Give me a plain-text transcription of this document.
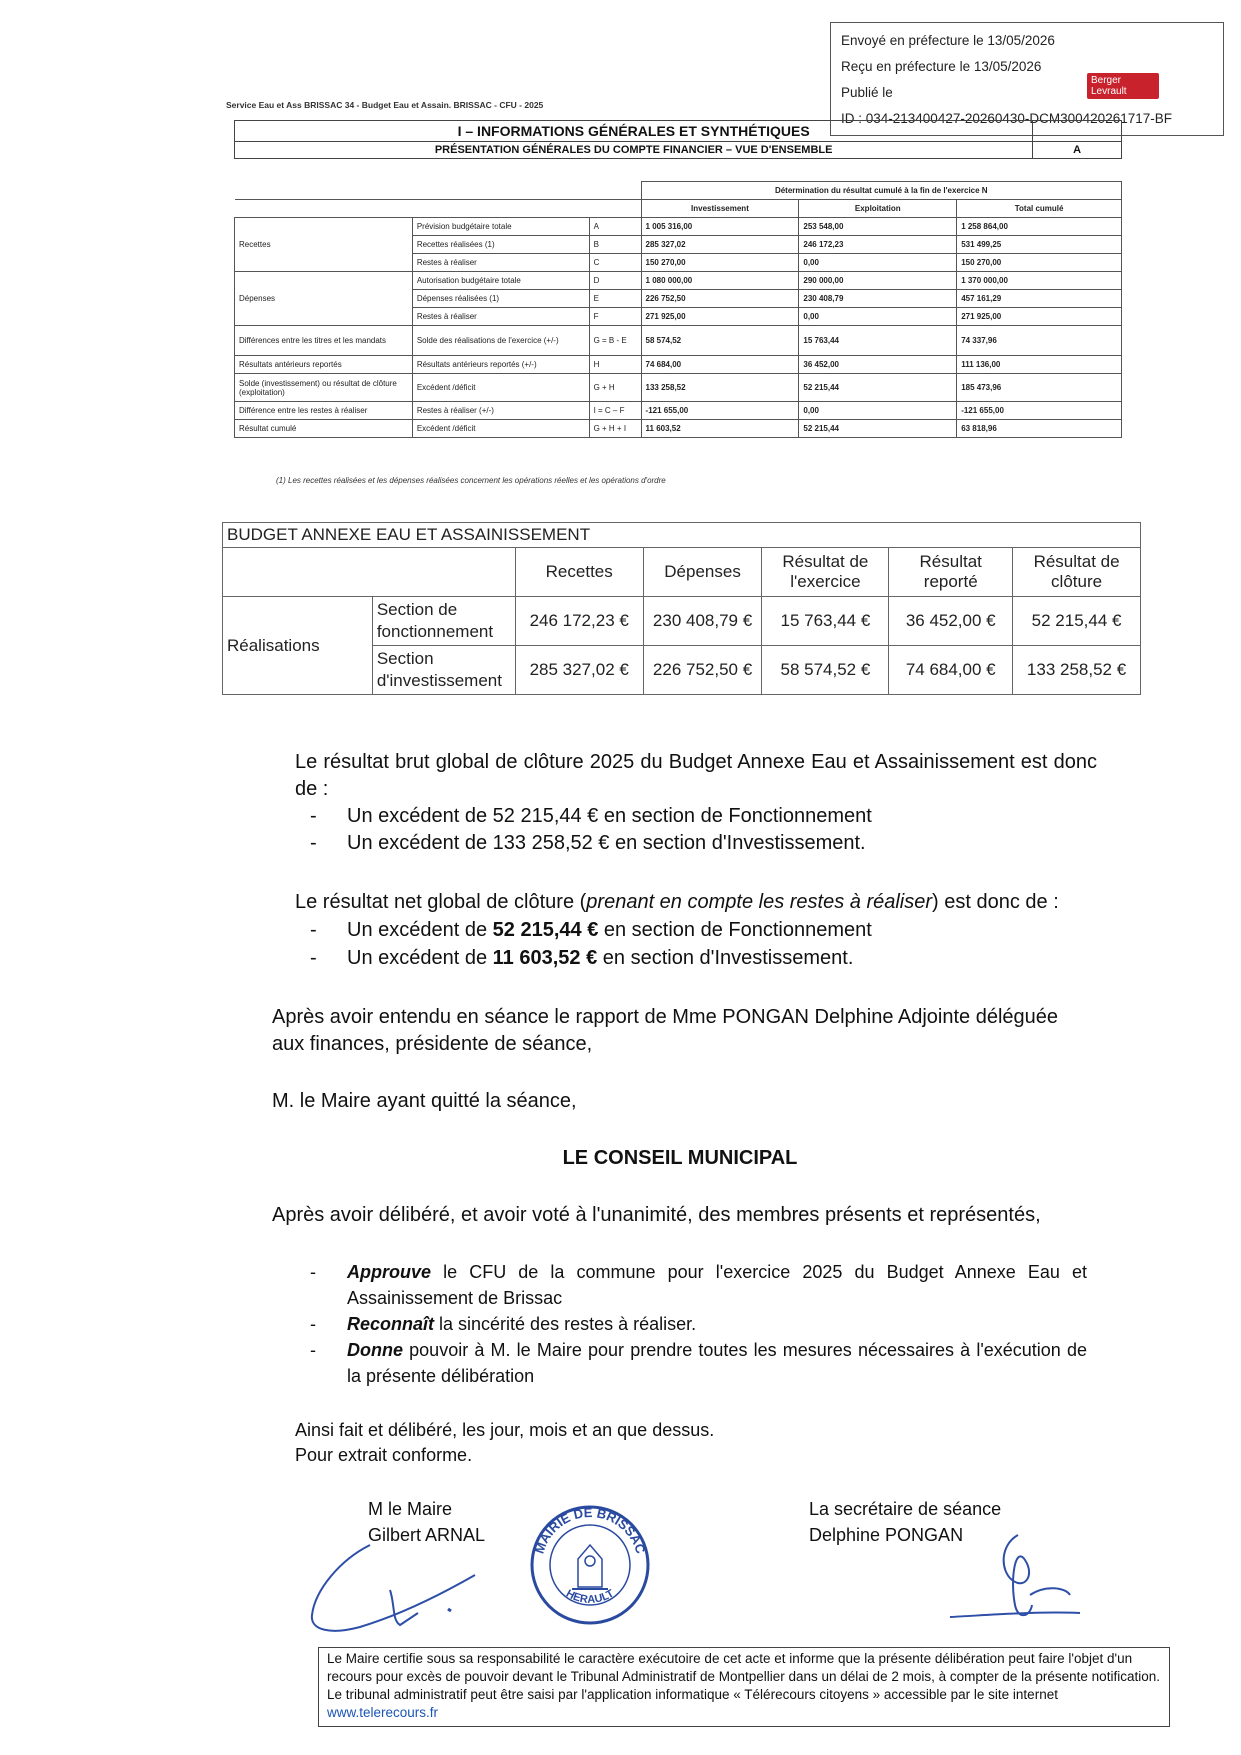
Envoyé en préfecture le 13/05/2026
Reçu en préfecture le 13/05/2026
Publié le
ID : 034-213400427-20260430-DCM300420261717-BF
Berger
Levrault
Service Eau et Ass BRISSAC 34 - Budget Eau et Assain. BRISSAC - CFU - 2025
I – INFORMATIONS GÉNÉRALES ET SYNTHÉTIQUES	
PRÉSENTATION GÉNÉRALES DU COMPTE FINANCIER – VUE D'ENSEMBLE	A
			Détermination du résultat cumulé à la fin de l'exercice N		
			Investissement	Exploitation	Total cumulé
Recettes	Prévision budgétaire totale	A	1 005 316,00	253 548,00	1 258 864,00
	Recettes réalisées (1)	B	285 327,02	246 172,23	531 499,25
	Restes à réaliser	C	150 270,00	0,00	150 270,00
Dépenses	Autorisation budgétaire totale	D	1 080 000,00	290 000,00	1 370 000,00
	Dépenses réalisées (1)	E	226 752,50	230 408,79	457 161,29
	Restes à réaliser	F	271 925,00	0,00	271 925,00
Différences entre les titres et les mandats	Solde des réalisations de l'exercice (+/-)	G = B - E	58 574,52	15 763,44	74 337,96
Résultats antérieurs reportés	Résultats antérieurs reportés (+/-)	H	74 684,00	36 452,00	111 136,00
Solde (investissement) ou résultat de clôture (exploitation)	Excédent /déficit	G + H	133 258,52	52 215,44	185 473,96
Différence entre les restes à réaliser	Restes à réaliser (+/-)	I = C – F	-121 655,00	0,00	-121 655,00
Résultat cumulé	Excédent /déficit	G + H + I	11 603,52	52 215,44	63 818,96
(1) Les recettes réalisées et les dépenses réalisées concernent les opérations réelles et les opérations d'ordre
BUDGET ANNEXE EAU ET ASSAINISSEMENT						
		Recettes	Dépenses	Résultat de l'exercice	Résultat reporté	Résultat de clôture
Réalisations	Section de fonctionnement	246 172,23 €	230 408,79 €	15 763,44 €	36 452,00 €	52 215,44 €
	Section d'investissement	285 327,02 €	226 752,50 €	58 574,52 €	74 684,00 €	133 258,52 €
Le résultat brut global de clôture 2025 du Budget Annexe Eau et Assainissement est donc de :
- Un excédent de 52 215,44 € en section de Fonctionnement
- Un excédent de 133 258,52 € en section d'Investissement.
Le résultat net global de clôture (prenant en compte les restes à réaliser) est donc de :
- Un excédent de 52 215,44 € en section de Fonctionnement
- Un excédent de 11 603,52 € en section d'Investissement.
Après avoir entendu en séance le rapport de Mme PONGAN Delphine Adjointe déléguée aux finances, présidente de séance,
M. le Maire ayant quitté la séance,
LE CONSEIL MUNICIPAL
Après avoir délibéré, et avoir voté à l'unanimité, des membres présents et représentés,
- Approuve le CFU de la commune pour l'exercice 2025 du Budget Annexe Eau et Assainissement de Brissac
- Reconnaît la sincérité des restes à réaliser.
- Donne pouvoir à M. le Maire pour prendre toutes les mesures nécessaires à l'exécution de la présente délibération
Ainsi fait et délibéré, les jour, mois et an que dessus.
Pour extrait conforme.
M le Maire
Gilbert ARNAL
La secrétaire de séance
Delphine PONGAN
MAIRIE DE BRISSAC
HERAULT
Le Maire certifie sous sa responsabilité le caractère exécutoire de cet acte et informe que la présente délibération peut faire l'objet d'un recours pour excès de pouvoir devant le Tribunal Administratif de Montpellier dans un délai de 2 mois, à compter de la présente notification. Le tribunal administratif peut être saisi par l'application informatique « Télérecours citoyens » accessible par le site internet
www.telerecours.fr
